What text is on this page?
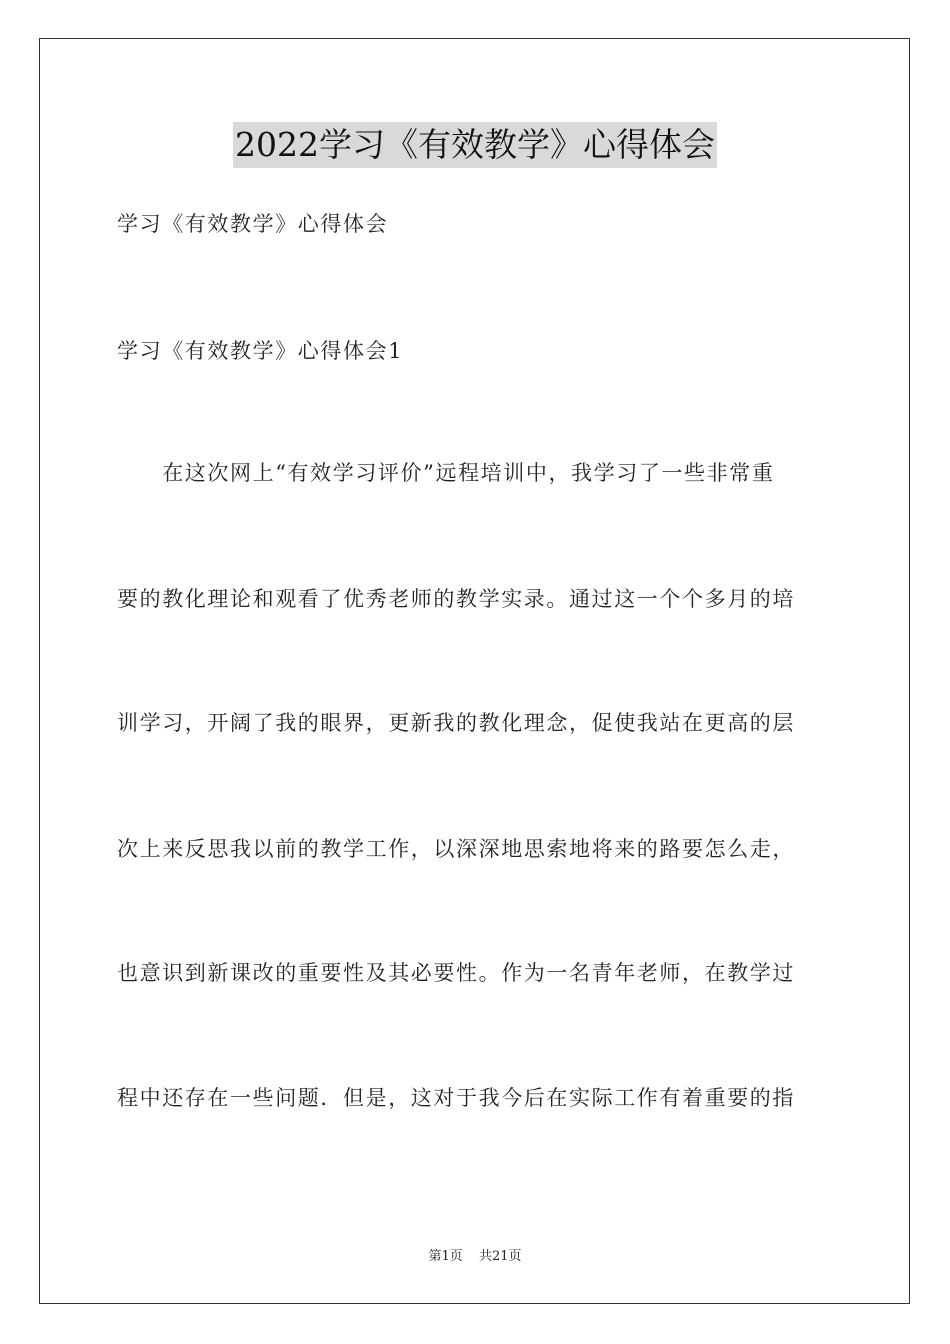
2022学习《有效教学》心得体会

学习《有效教学》心得体会

学习《有效教学》心得体会1

　　在这次网上“有效学习评价”远程培训中，我学习了一些非常重

要的教化理论和观看了优秀老师的教学实录。通过这一个个多月的培

训学习，开阔了我的眼界，更新我的教化理念，促使我站在更高的层

次上来反思我以前的教学工作，以深深地思索地将来的路要怎么走，

也意识到新课改的重要性及其必要性。作为一名青年老师，在教学过

程中还存在一些问题．但是，这对于我今后在实际工作有着重要的指

第1页 共21页
